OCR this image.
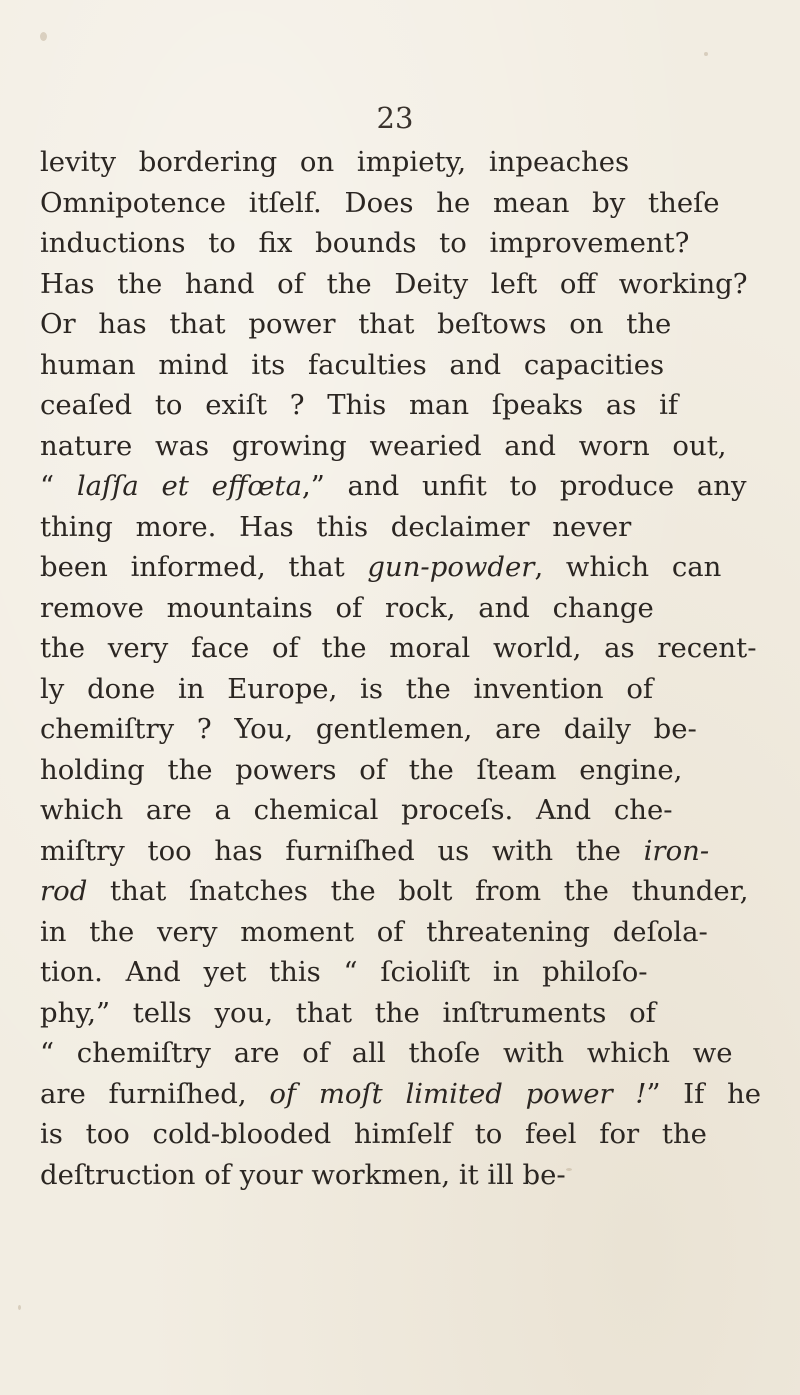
23
levity bordering on impiety, inpeaches
Omnipotence itſelf. Does he mean by theſe
inductions to fix bounds to improvement?
Has the hand of the Deity left off working?
Or has that power that beſtows on the
human mind its faculties and capacities
ceaſed to exiſt ? This man ſpeaks as if
nature was growing wearied and worn out,
“ laſſa et effœta,” and unfit to produce any
thing more. Has this declaimer never
been informed, that gun-powder, which can
remove mountains of rock, and change
the very face of the moral world, as recent-
ly done in Europe, is the invention of
chemiſtry ? You, gentlemen, are daily be-
holding the powers of the ſteam engine,
which are a chemical proceſs. And che-
miſtry too has furniſhed us with the iron-
rod that ſnatches the bolt from the thunder,
in the very moment of threatening deſola-
tion. And yet this “ ſcioliſt in philoſo-
phy,” tells you, that the inſtruments of
“ chemiſtry are of all thoſe with which we
are furniſhed, of moſt limited power !” If he
is too cold-blooded himſelf to feel for the
deſtruction of your workmen, it ill be-
